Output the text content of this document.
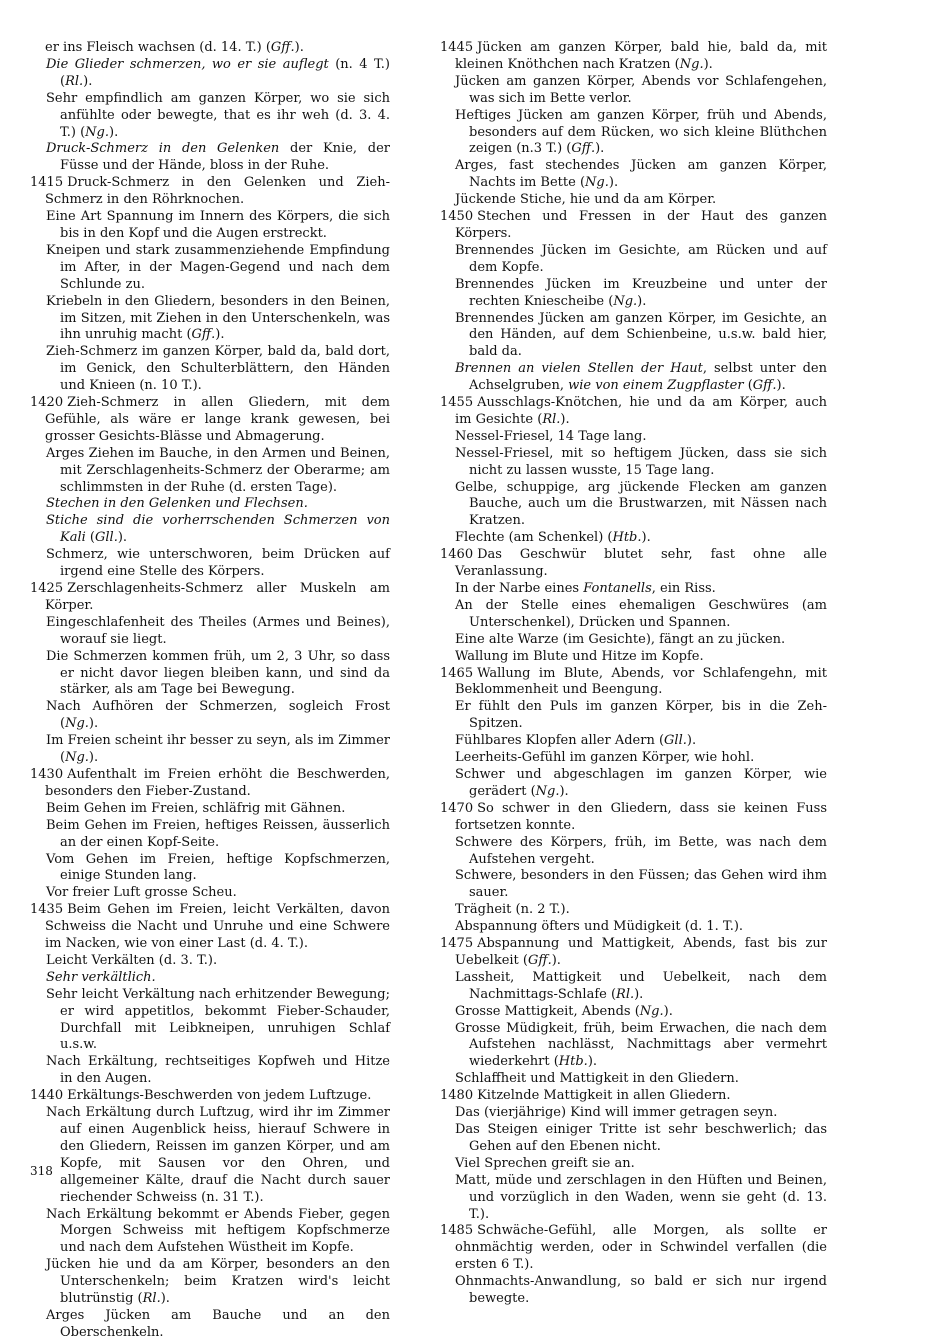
er ins Fleisch wachsen (d. 14. T.) (Gff.).

Die Glieder schmerzen, wo er sie auflegt (n. 4 T.) (Rl.).

Sehr empfindlich am ganzen Körper, wo sie sich anfühlte oder bewegte, that es ihr weh (d. 3. 4. T.) (Ng.).

Druck-Schmerz in den Gelenken der Knie, der Füsse und der Hände, bloss in der Ruhe.

1415 Druck-Schmerz in den Gelenken und Zieh-Schmerz in den Röhrknochen.

Eine Art Spannung im Innern des Körpers, die sich bis in den Kopf und die Augen erstreckt.

Kneipen und stark zusammenziehende Empfindung im After, in der Magen-Gegend und nach dem Schlunde zu.

Kriebeln in den Gliedern, besonders in den Beinen, im Sitzen, mit Ziehen in den Unterschenkeln, was ihn unruhig macht (Gff.).

Zieh-Schmerz im ganzen Körper, bald da, bald dort, im Genick, den Schulterblättern, den Händen und Knieen (n. 10 T.).

1420 Zieh-Schmerz in allen Gliedern, mit dem Gefühle, als wäre er lange krank gewesen, bei grosser Gesichts-Blässe und Abmagerung.

Arges Ziehen im Bauche, in den Armen und Beinen, mit Zerschlagenheits-Schmerz der Oberarme; am schlimmsten in der Ruhe (d. ersten Tage).

Stechen in den Gelenken und Flechsen.

Stiche sind die vorherrschenden Schmerzen von Kali (Gll.).

Schmerz, wie unterschworen, beim Drücken auf irgend eine Stelle des Körpers.

1425 Zerschlagenheits-Schmerz aller Muskeln am Körper.

Eingeschlafenheit des Theiles (Armes und Beines), worauf sie liegt.

Die Schmerzen kommen früh, um 2, 3 Uhr, so dass er nicht davor liegen bleiben kann, und sind da stärker, als am Tage bei Bewegung.

Nach Aufhören der Schmerzen, sogleich Frost (Ng.).

Im Freien scheint ihr besser zu seyn, als im Zimmer (Ng.).

1430 Aufenthalt im Freien erhöht die Beschwerden, besonders den Fieber-Zustand.

Beim Gehen im Freien, schläfrig mit Gähnen.

Beim Gehen im Freien, heftiges Reissen, äusserlich an der einen Kopf-Seite.

Vom Gehen im Freien, heftige Kopfschmerzen, einige Stunden lang.

Vor freier Luft grosse Scheu.

1435 Beim Gehen im Freien, leicht Verkälten, davon Schweiss die Nacht und Unruhe und eine Schwere im Nacken, wie von einer Last (d. 4. T.).

Leicht Verkälten (d. 3. T.).

Sehr verkältlich.

Sehr leicht Verkältung nach erhitzender Bewegung; er wird appetitlos, bekommt Fieber-Schauder, Durchfall mit Leibkneipen, unruhigen Schlaf u.s.w.

Nach Erkältung, rechtseitiges Kopfweh und Hitze in den Augen.

1440 Erkältungs-Beschwerden von jedem Luftzuge.

Nach Erkältung durch Luftzug, wird ihr im Zimmer auf einen Augenblick heiss, hierauf Schwere in den Gliedern, Reissen im ganzen Körper, und am Kopfe, mit Sausen vor den Ohren, und allgemeiner Kälte, drauf die Nacht durch sauer riechender Schweiss (n. 31 T.).

Nach Erkältung bekommt er Abends Fieber, gegen Morgen Schweiss mit heftigem Kopfschmerze und nach dem Aufstehen Wüstheit im Kopfe.

Jücken hie und da am Körper, besonders an den Unterschenkeln; beim Kratzen wird's leicht blutrünstig (Rl.).

Arges Jücken am Bauche und an den Oberschenkeln.

1445 Jücken am ganzen Körper, bald hie, bald da, mit kleinen Knöthchen nach Kratzen (Ng.).

Jücken am ganzen Körper, Abends vor Schlafengehen, was sich im Bette verlor.

Heftiges Jücken am ganzen Körper, früh und Abends, besonders auf dem Rücken, wo sich kleine Blüthchen zeigen (n.3 T.) (Gff.).

Arges, fast stechendes Jücken am ganzen Körper, Nachts im Bette (Ng.).

Jückende Stiche, hie und da am Körper.

1450 Stechen und Fressen in der Haut des ganzen Körpers.

Brennendes Jücken im Gesichte, am Rücken und auf dem Kopfe.

Brennendes Jücken im Kreuzbeine und unter der rechten Kniescheibe (Ng.).

Brennendes Jücken am ganzen Körper, im Gesichte, an den Händen, auf dem Schienbeine, u.s.w. bald hier, bald da.

Brennen an vielen Stellen der Haut, selbst unter den Achselgruben, wie von einem Zugpflaster (Gff.).

1455 Ausschlags-Knötchen, hie und da am Körper, auch im Gesichte (Rl.).

Nessel-Friesel, 14 Tage lang.

Nessel-Friesel, mit so heftigem Jücken, dass sie sich nicht zu lassen wusste, 15 Tage lang.

Gelbe, schuppige, arg jückende Flecken am ganzen Bauche, auch um die Brustwarzen, mit Nässen nach Kratzen.

Flechte (am Schenkel) (Htb.).

1460 Das Geschwür blutet sehr, fast ohne alle Veranlassung.

In der Narbe eines Fontanells, ein Riss.

An der Stelle eines ehemaligen Geschwüres (am Unterschenkel), Drücken und Spannen.

Eine alte Warze (im Gesichte), fängt an zu jücken.

Wallung im Blute und Hitze im Kopfe.

1465 Wallung im Blute, Abends, vor Schlafengehn, mit Beklommenheit und Beengung.

Er fühlt den Puls im ganzen Körper, bis in die Zeh-Spitzen.

Fühlbares Klopfen aller Adern (Gll.).

Leerheits-Gefühl im ganzen Körper, wie hohl.

Schwer und abgeschlagen im ganzen Körper, wie gerädert (Ng.).

1470 So schwer in den Gliedern, dass sie keinen Fuss fortsetzen konnte.

Schwere des Körpers, früh, im Bette, was nach dem Aufstehen vergeht.

Schwere, besonders in den Füssen; das Gehen wird ihm sauer.

Trägheit (n. 2 T.).

Abspannung öfters und Müdigkeit (d. 1. T.).

1475 Abspannung und Mattigkeit, Abends, fast bis zur Uebelkeit (Gff.).

Lassheit, Mattigkeit und Uebelkeit, nach dem Nachmittags-Schlafe (Rl.).

Grosse Mattigkeit, Abends (Ng.).

Grosse Müdigkeit, früh, beim Erwachen, die nach dem Aufstehen nachlässt, Nachmittags aber vermehrt wiederkehrt (Htb.).

Schlaffheit und Mattigkeit in den Gliedern.

1480 Kitzelnde Mattigkeit in allen Gliedern.

Das (vierjährige) Kind will immer getragen seyn.

Das Steigen einiger Tritte ist sehr beschwerlich; das Gehen auf den Ebenen nicht.

Viel Sprechen greift sie an.

Matt, müde und zerschlagen in den Hüften und Beinen, und vorzüglich in den Waden, wenn sie geht (d. 13. T.).

1485 Schwäche-Gefühl, alle Morgen, als sollte er ohnmächtig werden, oder in Schwindel verfallen (die ersten 6 T.).

Ohnmachts-Anwandlung, so bald er sich nur irgend bewegte.

318
